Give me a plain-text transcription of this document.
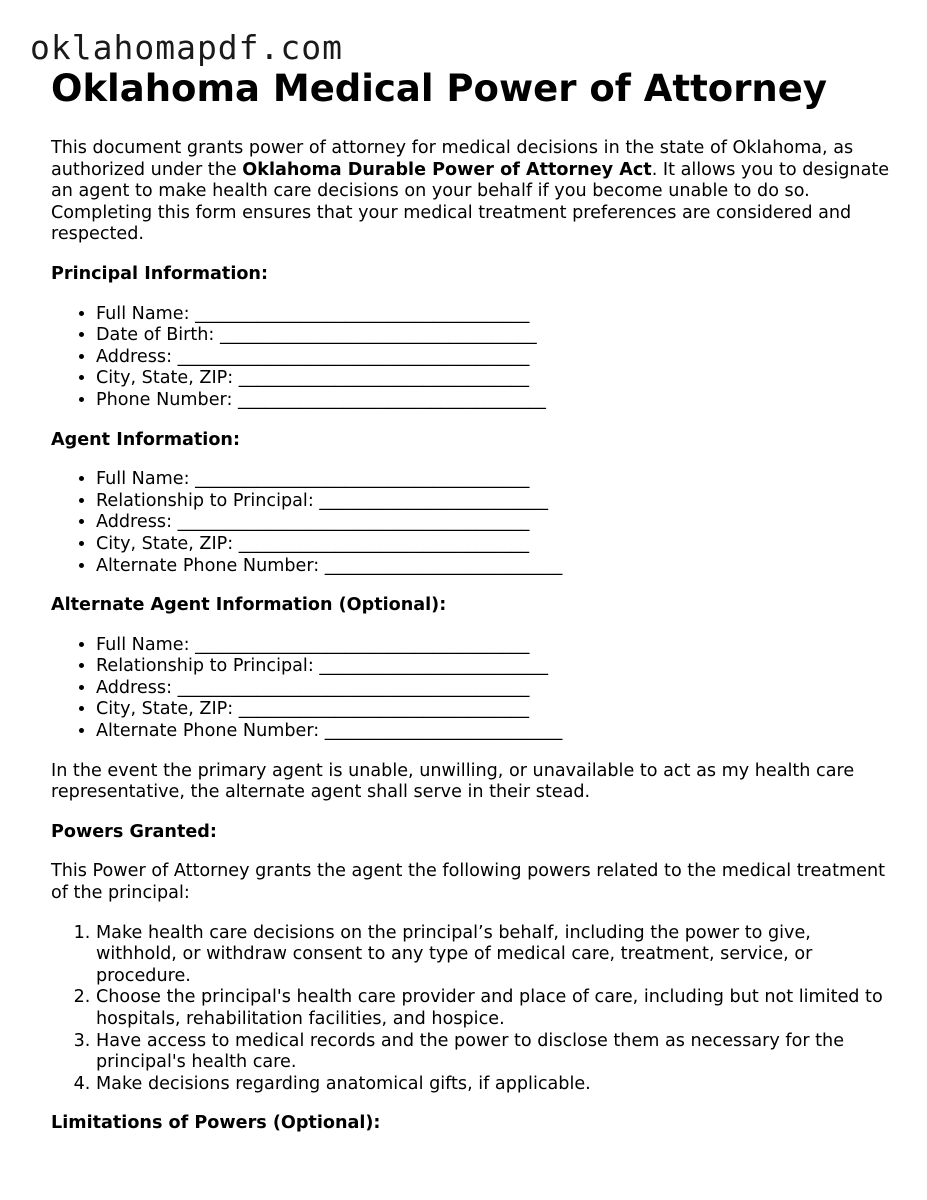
oklahomapdf.com
Oklahoma Medical Power of Attorney

This document grants power of attorney for medical decisions in the state of Oklahoma, as authorized under the Oklahoma Durable Power of Attorney Act. It allows you to designate an agent to make health care decisions on your behalf if you become unable to do so. Completing this form ensures that your medical treatment preferences are considered and respected.

Principal Information:
• Full Name: ______________________________________
• Date of Birth: ____________________________________
• Address: ________________________________________
• City, State, ZIP: _________________________________
• Phone Number: ___________________________________
Agent Information:
• Full Name: ______________________________________
• Relationship to Principal: __________________________
• Address: ________________________________________
• City, State, ZIP: _________________________________
• Alternate Phone Number: ___________________________
Alternate Agent Information (Optional):
• Full Name: ______________________________________
• Relationship to Principal: __________________________
• Address: ________________________________________
• City, State, ZIP: _________________________________
• Alternate Phone Number: ___________________________

In the event the primary agent is unable, unwilling, or unavailable to act as my health care representative, the alternate agent shall serve in their stead.

Powers Granted:

This Power of Attorney grants the agent the following powers related to the medical treatment of the principal:

1. Make health care decisions on the principal’s behalf, including the power to give, withhold, or withdraw consent to any type of medical care, treatment, service, or procedure.
2. Choose the principal's health care provider and place of care, including but not limited to hospitals, rehabilitation facilities, and hospice.
3. Have access to medical records and the power to disclose them as necessary for the principal's health care.
4. Make decisions regarding anatomical gifts, if applicable.
Limitations of Powers (Optional):
